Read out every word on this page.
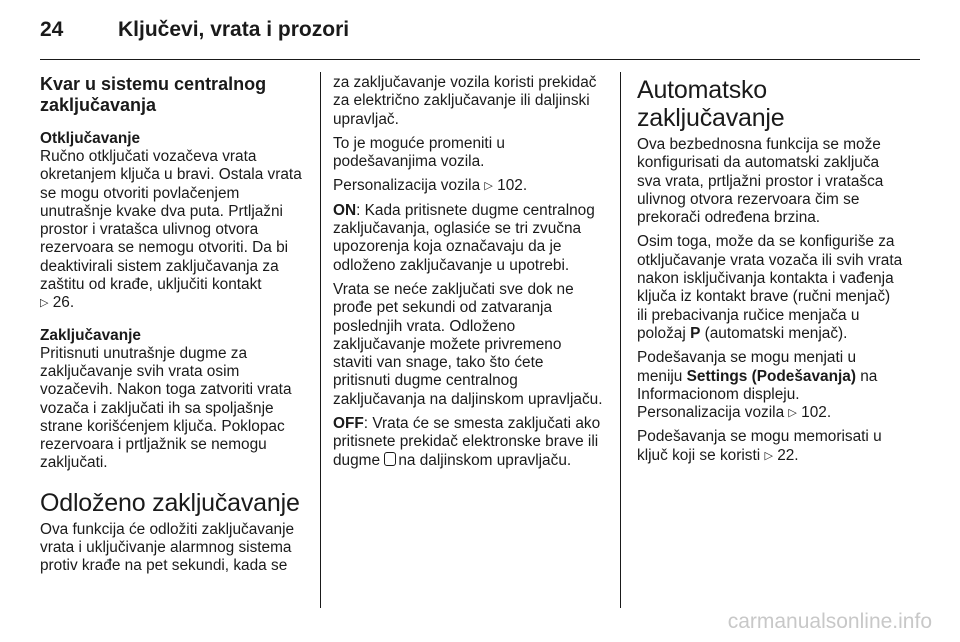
24	Ključevi, vrata i prozori
Kvar u sistemu centralnog zaključavanja
Otključavanje

Ručno otključati vozačeva vrata okretanjem ključa u bravi. Ostala vrata se mogu otvoriti povlačenjem unutrašnje kvake dva puta. Prtljažni prostor i vratašca ulivnog otvora rezervoara se nemogu otvoriti. Da bi deaktivirali sistem zaključavanja za zaštitu od krađe, uključiti kontakt
▷ 26.

Zaključavanje

Pritisnuti unutrašnje dugme za zaključavanje svih vrata osim vozačevih. Nakon toga zatvoriti vrata vozača i zaključati ih sa spoljašnje strane korišćenjem ključa. Poklopac rezervoara i prtljažnik se nemogu zaključati.

Odloženo zaključavanje

Ova funkcija će odložiti zaključavanje vrata i uključivanje alarmnog sistema protiv krađe na pet sekundi, kada se

za zaključavanje vozila koristi prekidač za električno zaključavanje ili daljinski upravljač.

To je moguće promeniti u podešavanjima vozila.

Personalizacija vozila ▷ 102.

ON: Kada pritisnete dugme centralnog zaključavanja, oglasiće se tri zvučna upozorenja koja označavaju da je odloženo zaključavanje u upotrebi.

Vrata se neće zaključati sve dok ne prođe pet sekundi od zatvaranja poslednjih vrata. Odloženo zaključavanje možete privremeno staviti van snage, tako što ćete pritisnuti dugme centralnog zaključavanja na daljinskom upravljaču.

OFF: Vrata će se smesta zaključati ako pritisnete prekidač elektronske brave ili dugme na daljinskom upravljaču.

Automatsko zaključavanje

Ova bezbednosna funkcija se može konfigurisati da automatski zaključa sva vrata, prtljažni prostor i vratašca ulivnog otvora rezervoara čim se prekorači određena brzina.

Osim toga, može da se konfiguriše za otključavanje vrata vozača ili svih vrata nakon isključivanja kontakta i vađenja ključa iz kontakt brave (ručni menjač) ili prebacivanja ručice menjača u položaj P (automatski menjač).

Podešavanja se mogu menjati u meniju Settings (Podešavanja) na Informacionom displeju.
Personalizacija vozila ▷ 102.

Podešavanja se mogu memorisati u ključ koji se koristi ▷ 22.

carmanualsonline.info
